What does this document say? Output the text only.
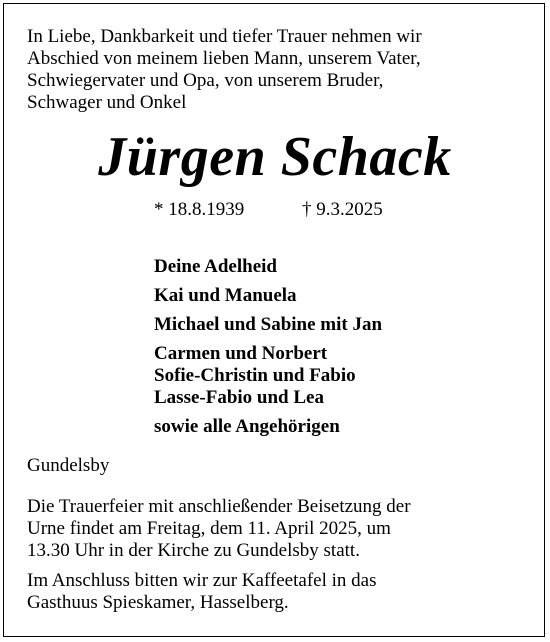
In Liebe, Dankbarkeit und tiefer Trauer nehmen wir
Abschied von meinem lieben Mann, unserem Vater,
Schwiegervater und Opa, von unserem Bruder,
Schwager und Onkel

Jürgen Schack
* 18.8.1939	† 9.3.2025
Deine Adelheid
Kai und Manuela
Michael und Sabine mit Jan
Carmen und Norbert
Sofie-Christin und Fabio
Lasse-Fabio und Lea
sowie alle Angehörigen
Gundelsby

Die Trauerfeier mit anschließender Beisetzung der
Urne findet am Freitag, dem 11. April 2025, um
13.30 Uhr in der Kirche zu Gundelsby statt.

Im Anschluss bitten wir zur Kaffeetafel in das
Gasthuus Spieskamer, Hasselberg.
